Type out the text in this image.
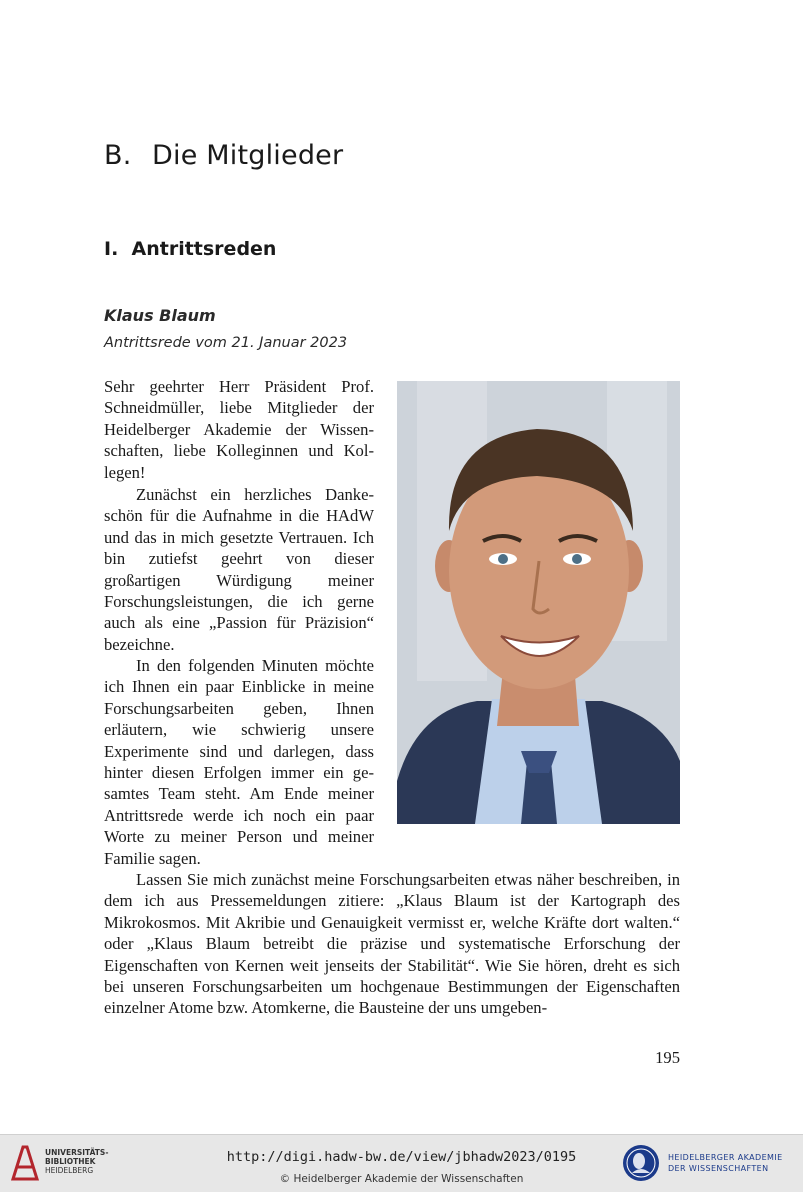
B. Die Mitglieder
I.  Antrittsreden

Klaus Blaum

Antrittsrede vom 21. Januar 2023

Sehr geehrter Herr Präsident Prof. Schneidmüller, liebe Mitglieder der Heidelberger Akademie der Wissenschaften, liebe Kolleginnen und Kollegen!

Zunächst ein herzliches Dankeschön für die Aufnahme in die HAdW und das in mich gesetzte Vertrauen. Ich bin zutiefst geehrt von dieser großartigen Würdigung meiner Forschungsleistungen, die ich gerne auch als eine „Passion für Präzision“ bezeichne.

In den folgenden Minuten möchte ich Ihnen ein paar Einblicke in meine Forschungsarbeiten geben, Ihnen erläutern, wie schwierig unsere Experimente sind und darlegen, dass hinter diesen Erfolgen immer ein gesamtes Team steht. Am Ende meiner Antrittsrede werde ich noch ein paar Worte zu meiner Person und meiner Familie sagen.

Lassen Sie mich zunächst meine Forschungsarbeiten etwas näher beschreiben, in dem ich aus Pressemeldungen zitiere: „Klaus Blaum ist der Kartograph des Mikrokosmos. Mit Akribie und Genauigkeit vermisst er, welche Kräfte dort walten.“ oder „Klaus Blaum betreibt die präzise und systematische Erforschung der Eigenschaften von Kernen weit jenseits der Stabilität“. Wie Sie hören, dreht es sich bei unseren Forschungsarbeiten um hochgenaue Bestimmungen der Eigenschaften einzelner Atome bzw. Atomkerne, die Bausteine der uns umgeben-

195

UNIVERSITÄTS-
BIBLIOTHEK
HEIDELBERG
http://digi.hadw-bw.de/view/jbhadw2023/0195
© Heidelberger Akademie der Wissenschaften
HEIDELBERGER AKADEMIE
DER WISSENSCHAFTEN
